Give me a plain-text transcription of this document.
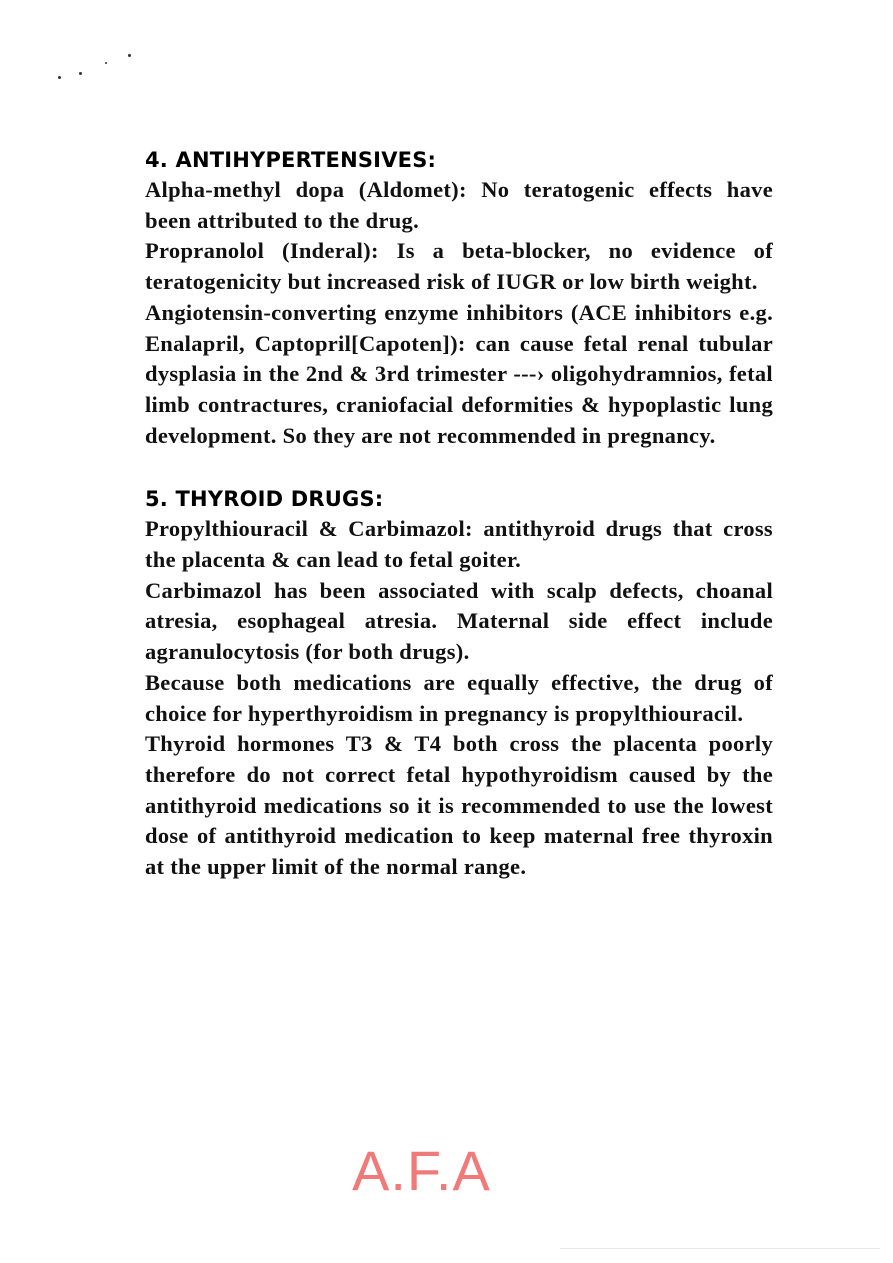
4. ANTIHYPERTENSIVES:

Alpha-methyl dopa (Aldomet): No teratogenic effects have been attributed to the drug.

Propranolol (Inderal): Is a beta-blocker, no evidence of teratogenicity but increased risk of IUGR or low birth weight.

Angiotensin-converting enzyme inhibitors (ACE inhibitors e.g. Enalapril, Captopril[Capoten]): can cause fetal renal tubular dysplasia in the 2nd & 3rd trimester ---› oligohydramnios, fetal limb contractures, craniofacial deformities & hypoplastic lung development. So they are not recommended in pregnancy.

5. THYROID DRUGS:

Propylthiouracil & Carbimazol: antithyroid drugs that cross the placenta & can lead to fetal goiter.

Carbimazol has been associated with scalp defects, choanal atresia, esophageal atresia. Maternal side effect include agranulocytosis (for both drugs).

Because both medications are equally effective, the drug of choice for hyperthyroidism in pregnancy is propylthiouracil.

Thyroid hormones T3 & T4 both cross the placenta poorly therefore do not correct fetal hypothyroidism caused by the antithyroid medications so it is recommended to use the lowest dose of antithyroid medication to keep maternal free thyroxin at the upper limit of the normal range.

A.F.A
